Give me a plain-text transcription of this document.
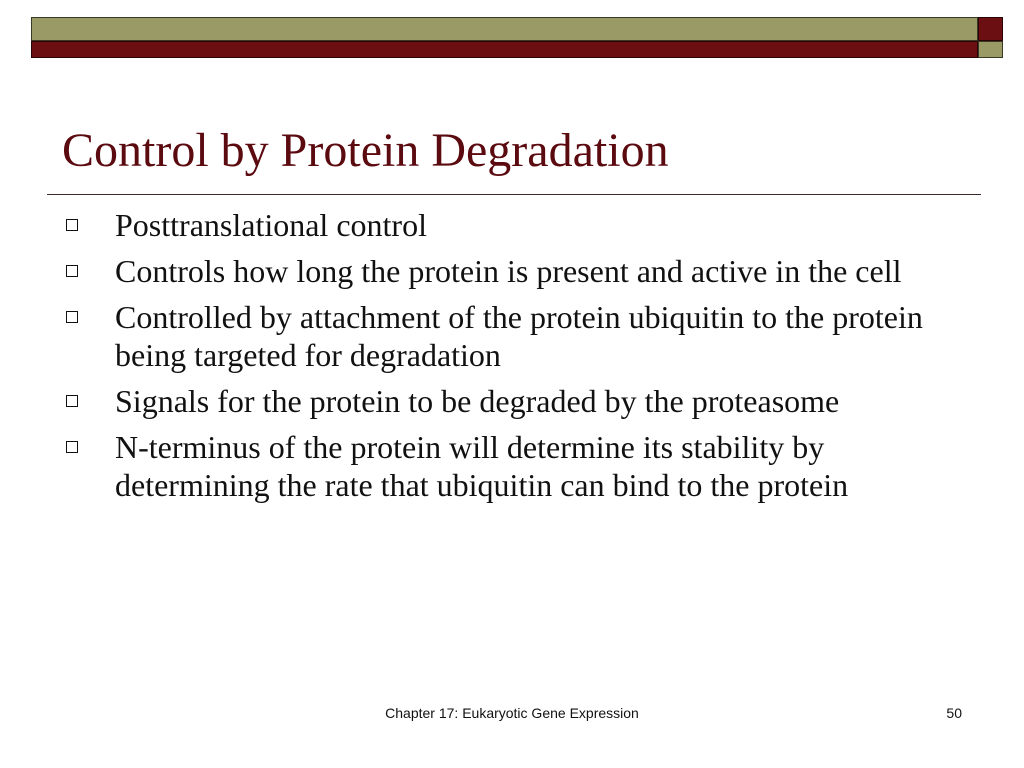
Control by Protein Degradation
Posttranslational control
Controls how long the protein is present and active in the cell
Controlled by attachment of the protein ubiquitin to the protein being targeted for degradation
Signals for the protein to be degraded by the proteasome
N-terminus of the protein will determine its stability by determining the rate that ubiquitin can bind to the protein
Chapter 17: Eukaryotic Gene Expression	50
